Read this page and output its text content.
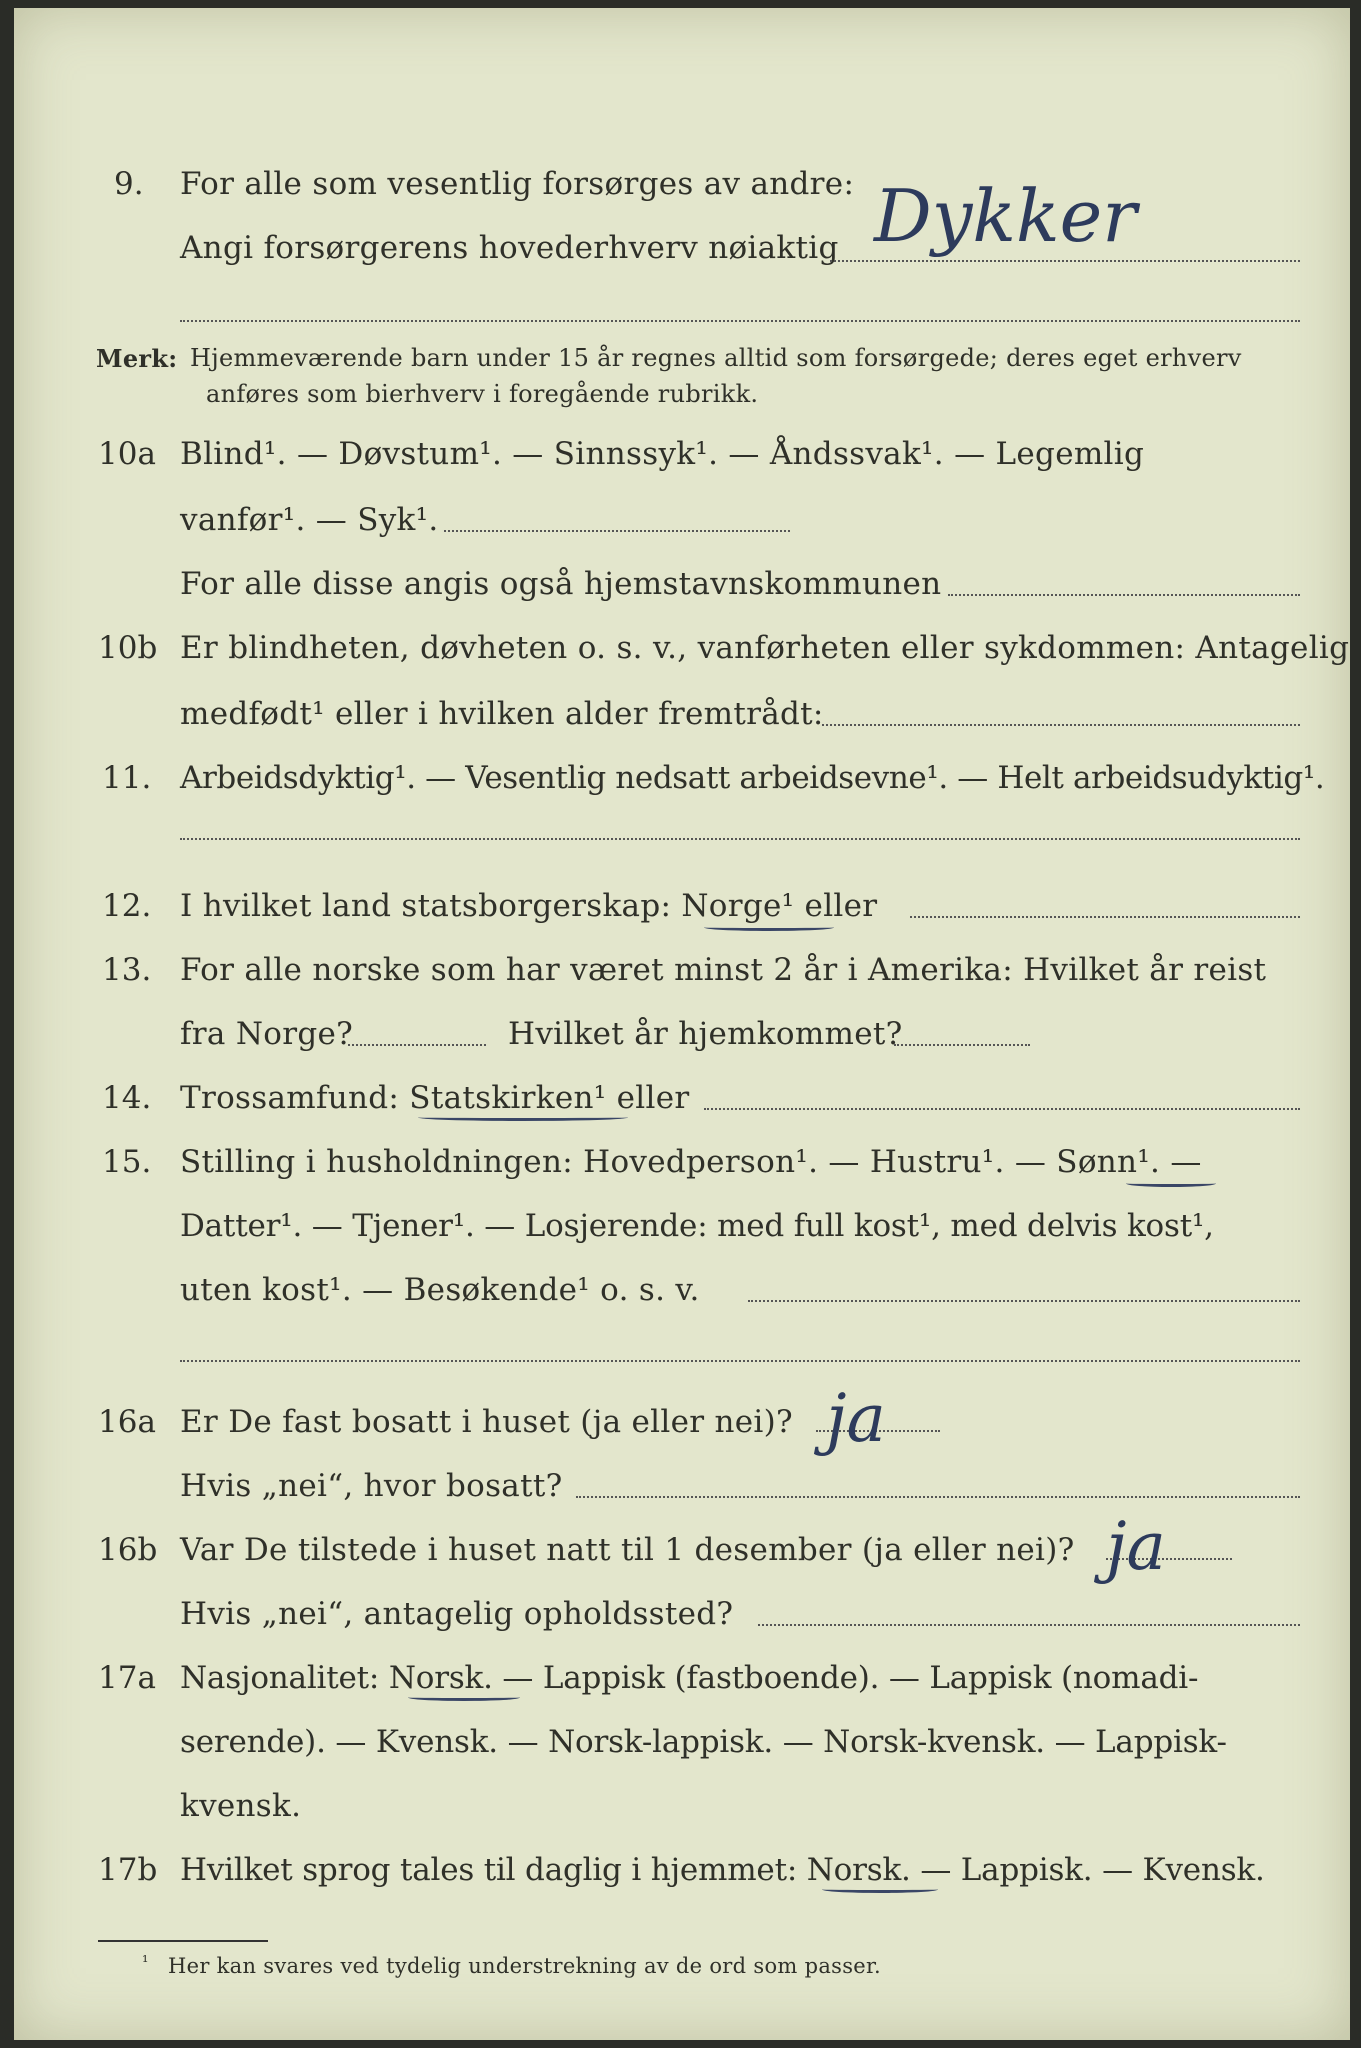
9. For alle som vesentlig forsørges av andre:
Angi forsørgerens hovederhverv nøiaktig Dykker
Merk: Hjemmeværende barn under 15 år regnes alltid som forsørgede; deres eget erhverv
anføres som bierhverv i foregående rubrikk.
10a Blind¹. — Døvstum¹. — Sinnssyk¹. — Åndssvak¹. — Legemlig
vanfør¹. — Syk¹.
For alle disse angis også hjemstavnskommunen
10b Er blindheten, døvheten o. s. v., vanførheten eller sykdommen: Antagelig
medfødt¹ eller i hvilken alder fremtrådt:
11. Arbeidsdyktig¹. — Vesentlig nedsatt arbeidsevne¹. — Helt arbeidsudyktig¹.
12. I hvilket land statsborgerskap: Norge¹ eller
13. For alle norske som har været minst 2 år i Amerika: Hvilket år reist
fra Norge?	Hvilket år hjemkommet?
14. Trossamfund: Statskirken¹ eller
15. Stilling i husholdningen: Hovedperson¹. — Hustru¹. — Sønn¹. —
Datter¹. — Tjener¹. — Losjerende: med full kost¹, med delvis kost¹,
uten kost¹. — Besøkende¹ o. s. v.
16a Er De fast bosatt i huset (ja eller nei)? ja
Hvis „nei“, hvor bosatt?
16b Var De tilstede i huset natt til 1 desember (ja eller nei)? ja
Hvis „nei“, antagelig opholdssted?
17a Nasjonalitet: Norsk. — Lappisk (fastboende). — Lappisk (nomadi-
serende). — Kvensk. — Norsk-lappisk. — Norsk-kvensk. — Lappisk-
kvensk.
17b Hvilket sprog tales til daglig i hjemmet: Norsk. — Lappisk. — Kvensk.
¹ Her kan svares ved tydelig understrekning av de ord som passer.
